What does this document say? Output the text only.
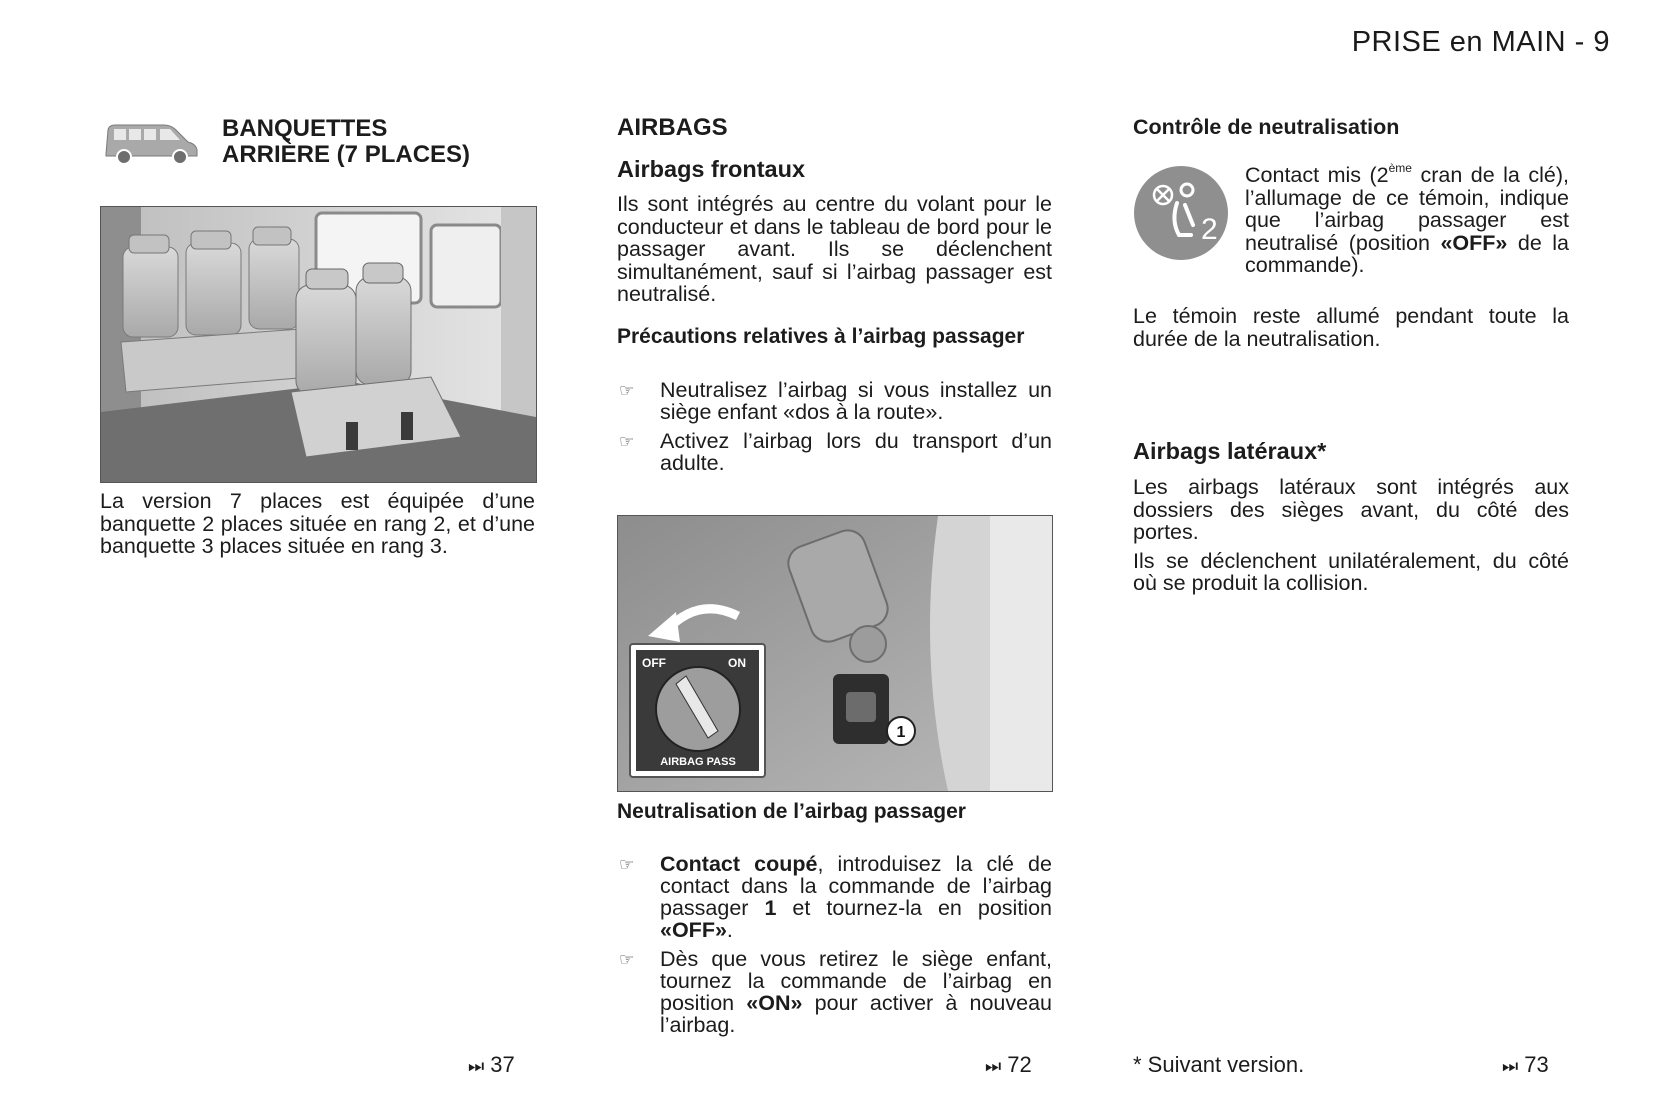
PRISE en MAIN - 9
BANQUETTES
ARRIÈRE (7 PLACES)
La version 7 places est équipée d’une banquette 2 places située en rang 2, et d’une banquette 3 places située en rang 3.
⏭ 37
AIRBAGS
Airbags frontaux
Ils sont intégrés au centre du volant pour le conducteur et dans le tableau de bord pour le passager avant. Ils se déclenchent simultanément, sauf si l’airbag passager est neutralisé.
Précautions relatives à l’airbag passager
☞ Neutralisez l’airbag si vous installez un siège enfant «dos à la route».
☞ Activez l’airbag lors du transport d’un adulte.
1
OFF	ON
AIRBAG PASS
Neutralisation de l’airbag passager
☞ Contact coupé, introduisez la clé de contact dans la commande de l’airbag passager 1 et tournez-la en position «OFF».
☞ Dès que vous retirez le siège enfant, tournez la commande de l’airbag en position «ON» pour activer à nouveau l’airbag.
⏭ 72
Contrôle de neutralisation
2
Contact mis (2ème cran de la clé), l’allumage de ce témoin, indique que l’airbag passager est neutralisé (position «OFF» de la commande).
Le témoin reste allumé pendant toute la durée de la neutralisation.
Airbags latéraux*

Les airbags latéraux sont intégrés aux dossiers des sièges avant, du côté des portes.

Ils se déclenchent unilatéralement, du côté où se produit la collision.

* Suivant version.	⏭ 73
